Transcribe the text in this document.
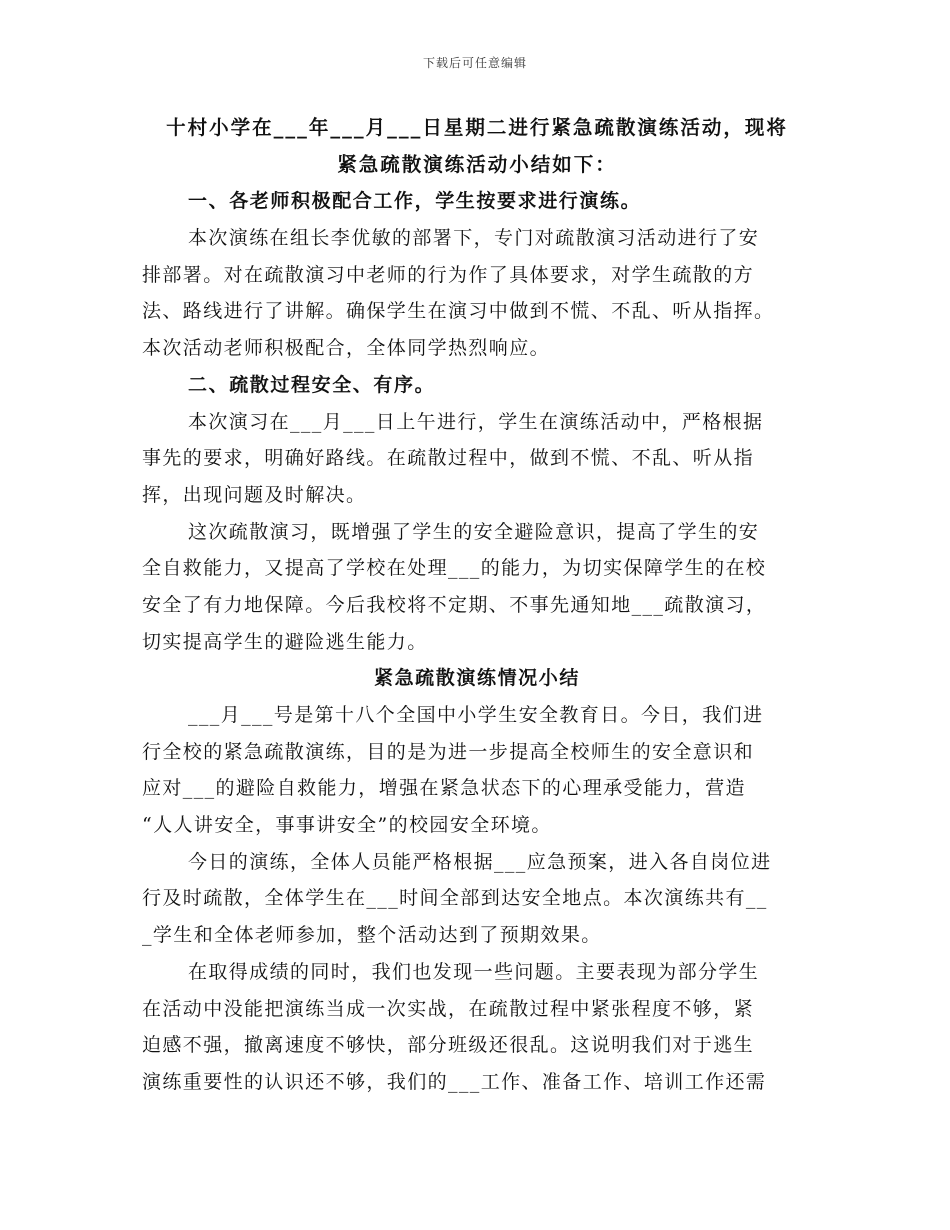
下载后可任意编辑
十村小学在___年___月___日星期二进行紧急疏散演练活动，现将
紧急疏散演练活动小结如下：
一、各老师积极配合工作，学生按要求进行演练。
本次演练在组长李优敏的部署下，专门对疏散演习活动进行了安
排部署。对在疏散演习中老师的行为作了具体要求，对学生疏散的方
法、路线进行了讲解。确保学生在演习中做到不慌、不乱、听从指挥。
本次活动老师积极配合，全体同学热烈响应。
二、疏散过程安全、有序。
本次演习在___月___日上午进行，学生在演练活动中，严格根据
事先的要求，明确好路线。在疏散过程中，做到不慌、不乱、听从指
挥，出现问题及时解决。
这次疏散演习，既增强了学生的安全避险意识，提高了学生的安
全自救能力，又提高了学校在处理___的能力，为切实保障学生的在校
安全了有力地保障。今后我校将不定期、不事先通知地___疏散演习，
切实提高学生的避险逃生能力。
紧急疏散演练情况小结
___月___号是第十八个全国中小学生安全教育日。今日，我们进
行全校的紧急疏散演练，目的是为进一步提高全校师生的安全意识和
应对___的避险自救能力，增强在紧急状态下的心理承受能力，营造
“人人讲安全，事事讲安全”的校园安全环境。
今日的演练，全体人员能严格根据___应急预案，进入各自岗位进
行及时疏散，全体学生在___时间全部到达安全地点。本次演练共有__
_学生和全体老师参加，整个活动达到了预期效果。
在取得成绩的同时，我们也发现一些问题。主要表现为部分学生
在活动中没能把演练当成一次实战，在疏散过程中紧张程度不够，紧
迫感不强，撤离速度不够快，部分班级还很乱。这说明我们对于逃生
演练重要性的认识还不够，我们的___工作、准备工作、培训工作还需
